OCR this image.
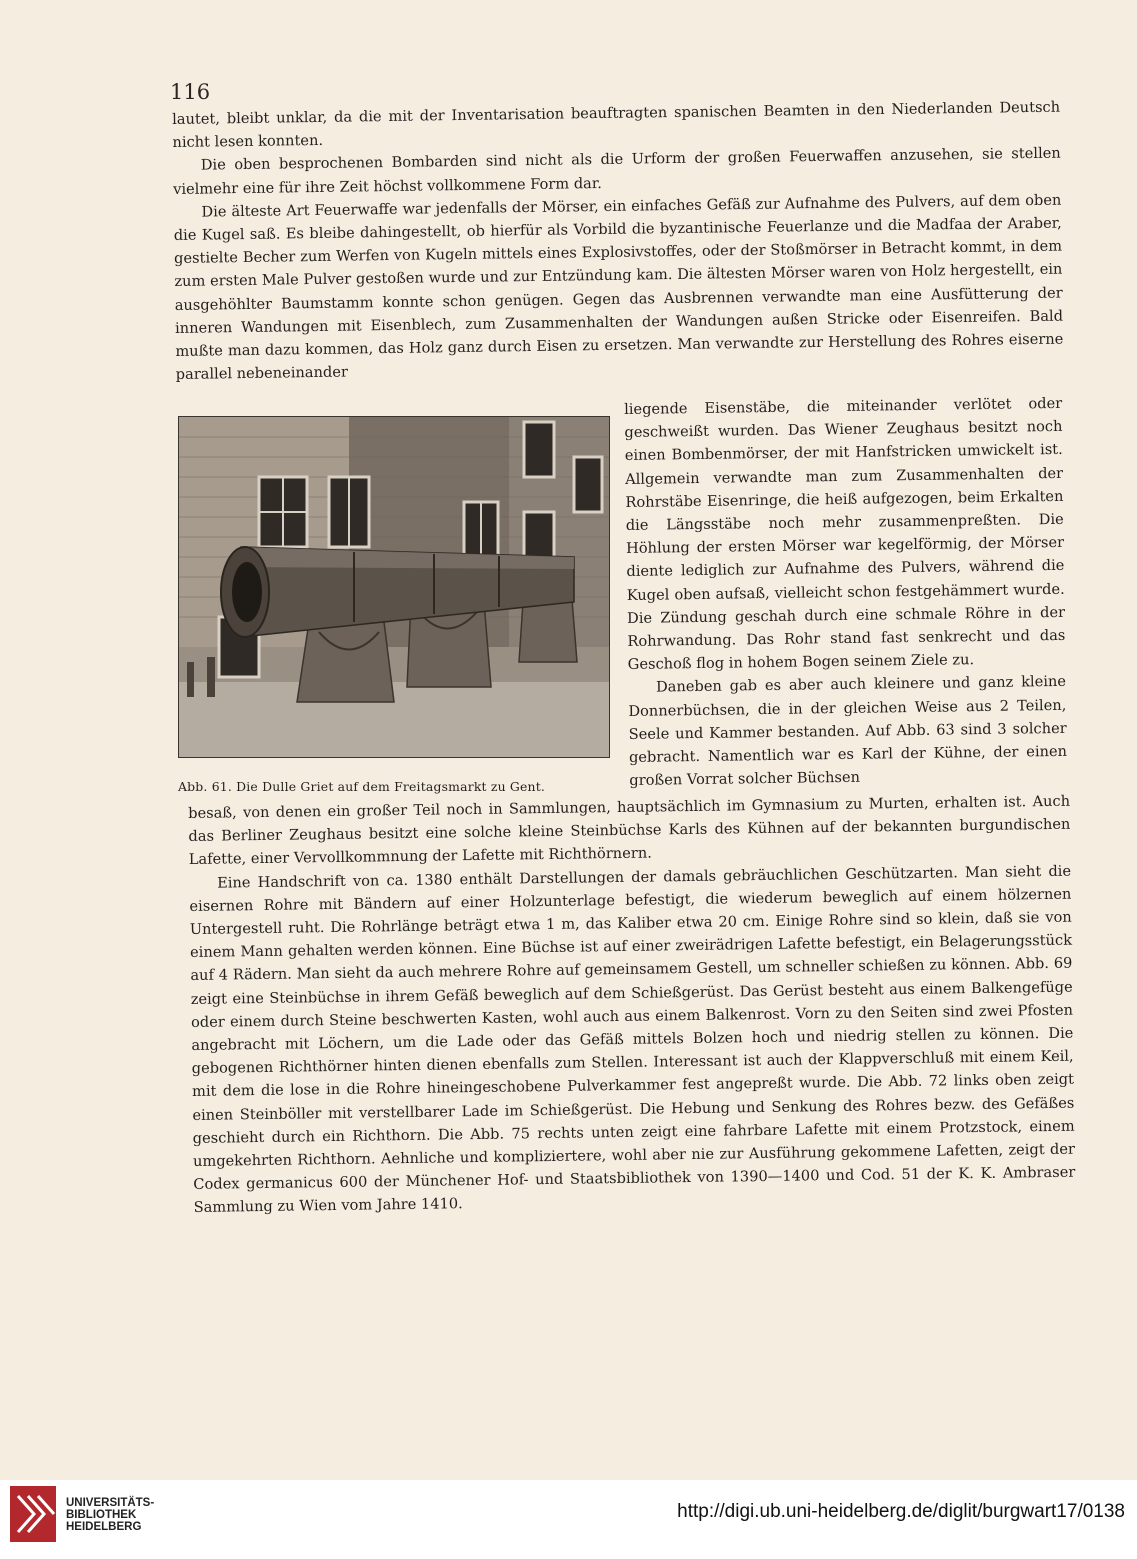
116

lautet, bleibt unklar, da die mit der Inventarisation beauftragten spanischen Beamten in den Niederlanden Deutsch nicht lesen konnten.

Die oben besprochenen Bombarden sind nicht als die Urform der großen Feuerwaffen anzusehen, sie stellen vielmehr eine für ihre Zeit höchst vollkommene Form dar.

Die älteste Art Feuerwaffe war jedenfalls der Mörser, ein einfaches Gefäß zur Aufnahme des Pulvers, auf dem oben die Kugel saß. Es bleibe dahingestellt, ob hierfür als Vorbild die byzantinische Feuerlanze und die Madfaa der Araber, gestielte Becher zum Werfen von Kugeln mittels eines Explosivstoffes, oder der Stoßmörser in Betracht kommt, in dem zum ersten Male Pulver gestoßen wurde und zur Entzündung kam. Die ältesten Mörser waren von Holz hergestellt, ein ausgehöhlter Baumstamm konnte schon genügen. Gegen das Ausbrennen verwandte man eine Ausfütterung der inneren Wandungen mit Eisenblech, zum Zusammenhalten der Wandungen außen Stricke oder Eisenreifen. Bald mußte man dazu kommen, das Holz ganz durch Eisen zu ersetzen. Man verwandte zur Herstellung des Rohres eiserne parallel nebeneinander

Abb. 61. Die Dulle Griet auf dem Freitagsmarkt zu Gent.

liegende Eisenstäbe, die miteinander verlötet oder geschweißt wurden. Das Wiener Zeughaus besitzt noch einen Bombenmörser, der mit Hanfstricken umwickelt ist. Allgemein verwandte man zum Zusammenhalten der Rohrstäbe Eisenringe, die heiß aufgezogen, beim Erkalten die Längsstäbe noch mehr zusammenpreßten. Die Höhlung der ersten Mörser war kegelförmig, der Mörser diente lediglich zur Aufnahme des Pulvers, während die Kugel oben aufsaß, vielleicht schon festgehämmert wurde. Die Zündung geschah durch eine schmale Röhre in der Rohrwandung. Das Rohr stand fast senkrecht und das Geschoß flog in hohem Bogen seinem Ziele zu.

Daneben gab es aber auch kleinere und ganz kleine Donnerbüchsen, die in der gleichen Weise aus 2 Teilen, Seele und Kammer bestanden. Auf Abb. 63 sind 3 solcher gebracht. Namentlich war es Karl der Kühne, der einen großen Vorrat solcher Büchsen

besaß, von denen ein großer Teil noch in Sammlungen, hauptsächlich im Gymnasium zu Murten, erhalten ist. Auch das Berliner Zeughaus besitzt eine solche kleine Steinbüchse Karls des Kühnen auf der bekannten burgundischen Lafette, einer Vervollkommnung der Lafette mit Richthörnern.

Eine Handschrift von ca. 1380 enthält Darstellungen der damals gebräuchlichen Geschützarten. Man sieht die eisernen Rohre mit Bändern auf einer Holzunterlage befestigt, die wiederum beweglich auf einem hölzernen Untergestell ruht. Die Rohrlänge beträgt etwa 1 m, das Kaliber etwa 20 cm. Einige Rohre sind so klein, daß sie von einem Mann gehalten werden können. Eine Büchse ist auf einer zweirädrigen Lafette befestigt, ein Belagerungsstück auf 4 Rädern. Man sieht da auch mehrere Rohre auf gemeinsamem Gestell, um schneller schießen zu können. Abb. 69 zeigt eine Steinbüchse in ihrem Gefäß beweglich auf dem Schießgerüst. Das Gerüst besteht aus einem Balkengefüge oder einem durch Steine beschwerten Kasten, wohl auch aus einem Balkenrost. Vorn zu den Seiten sind zwei Pfosten angebracht mit Löchern, um die Lade oder das Gefäß mittels Bolzen hoch und niedrig stellen zu können. Die gebogenen Richthörner hinten dienen ebenfalls zum Stellen. Interessant ist auch der Klappverschluß mit einem Keil, mit dem die lose in die Rohre hineingeschobene Pulverkammer fest angepreßt wurde. Die Abb. 72 links oben zeigt einen Steinböller mit verstellbarer Lade im Schießgerüst. Die Hebung und Senkung des Rohres bezw. des Gefäßes geschieht durch ein Richthorn. Die Abb. 75 rechts unten zeigt eine fahrbare Lafette mit einem Protzstock, einem umgekehrten Richthorn. Aehnliche und kompliziertere, wohl aber nie zur Ausführung gekommene Lafetten, zeigt der Codex germanicus 600 der Münchener Hof- und Staatsbibliothek von 1390—1400 und Cod. 51 der K. K. Ambraser Sammlung zu Wien vom Jahre 1410.

UNIVERSITÄTS-
BIBLIOTHEK
HEIDELBERG
http://digi.ub.uni-heidelberg.de/diglit/burgwart17/0138
